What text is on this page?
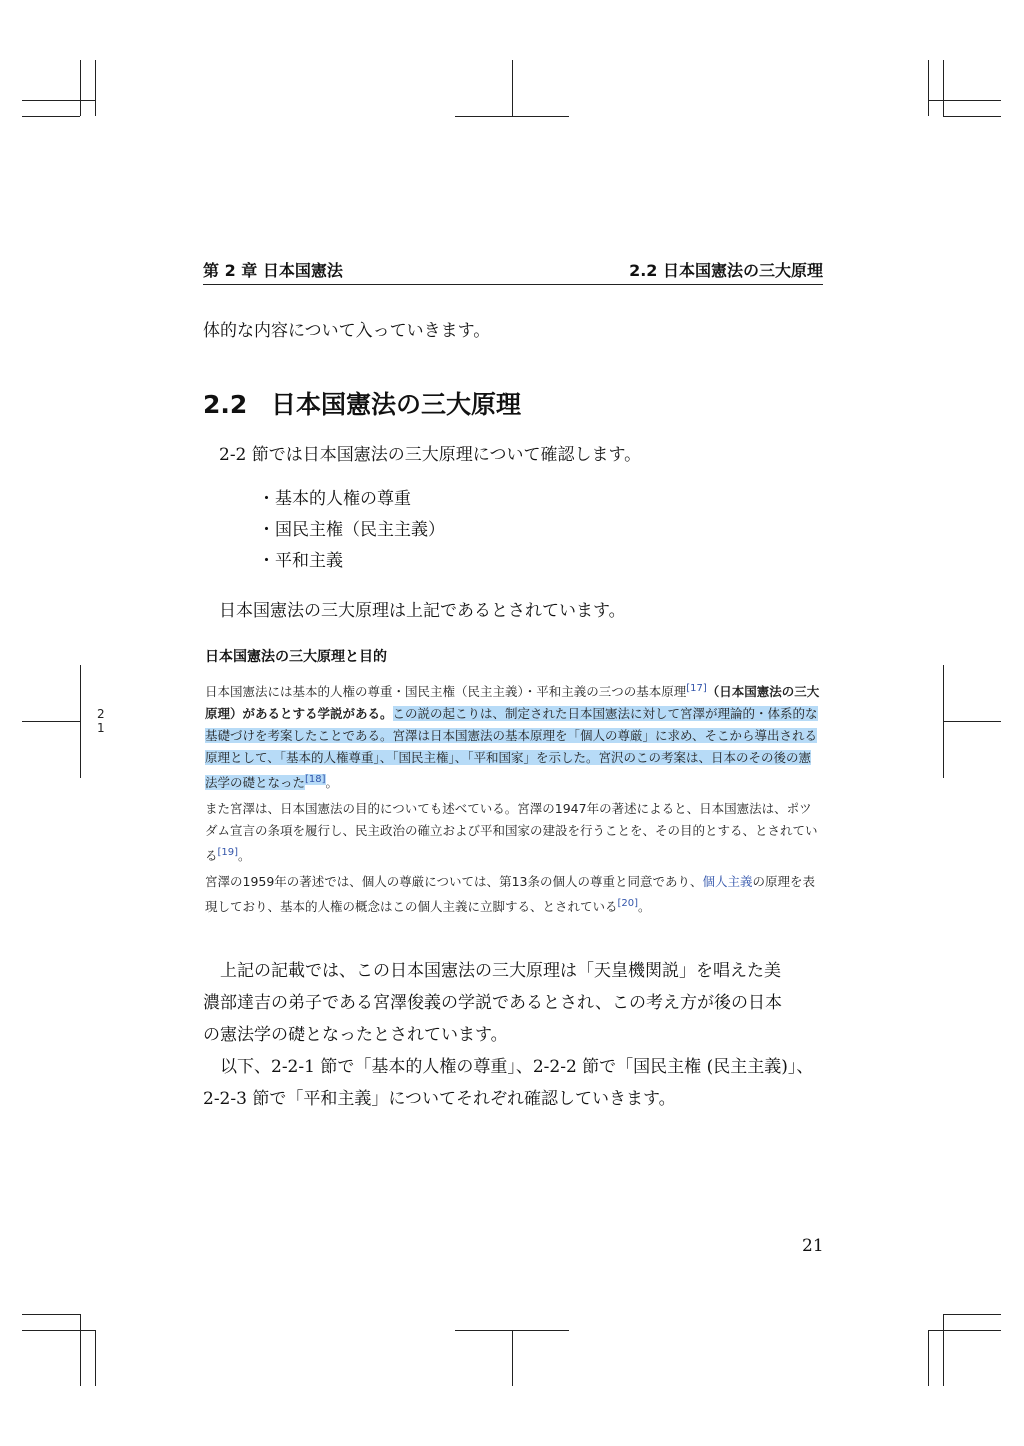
2
1
第 2 章 日本国憲法	2.2 日本国憲法の三大原理
体的な内容について入っていきます。
2.2 日本国憲法の三大原理
2-2 節では日本国憲法の三大原理について確認します。
・基本的人権の尊重
・国民主権（民主主義）
・平和主義
日本国憲法の三大原理は上記であるとされています。
日本国憲法の三大原理と目的
日本国憲法には基本的人権の尊重・国民主権（民主主義）・平和主義の三つの基本原理[17]（日本国憲法の三大原理）があるとする学説がある。この説の起こりは、制定された日本国憲法に対して宮澤が理論的・体系的な基礎づけを考案したことである。宮澤は日本国憲法の基本原理を「個人の尊厳」に求め、そこから導出される原理として、「基本的人権尊重」、「国民主権」、「平和国家」を示した。宮沢のこの考案は、日本のその後の憲法学の礎となった[18]。
また宮澤は、日本国憲法の目的についても述べている。宮澤の1947年の著述によると、日本国憲法は、ポツダム宣言の条項を履行し、民主政治の確立および平和国家の建設を行うことを、その目的とする、とされている[19]。
宮澤の1959年の著述では、個人の尊厳については、第13条の個人の尊重と同意であり、個人主義の原理を表現しており、基本的人権の概念はこの個人主義に立脚する、とされている[20]。
　上記の記載では、この日本国憲法の三大原理は「天皇機関説」を唱えた美
濃部達吉の弟子である宮澤俊義の学説であるとされ、この考え方が後の日本
の憲法学の礎となったとされています。
　以下、2-2-1 節で「基本的人権の尊重」、2-2-2 節で「国民主権 (民主主義)」、
2-2-3 節で「平和主義」についてそれぞれ確認していきます。
21
